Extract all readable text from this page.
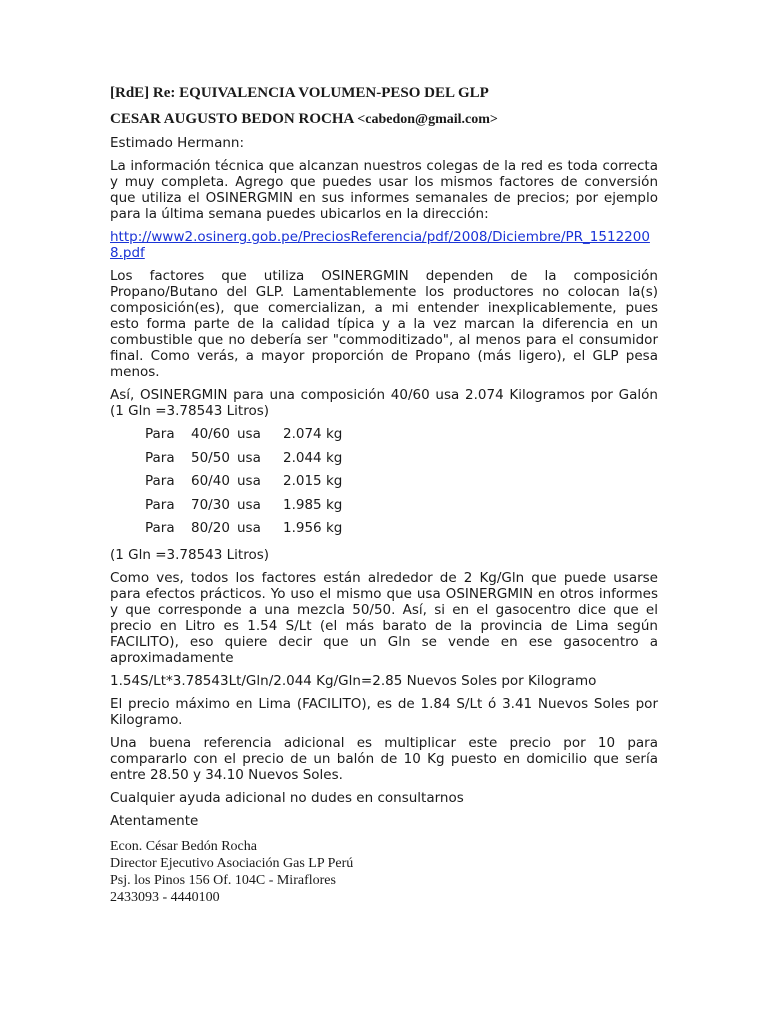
[RdE] Re: EQUIVALENCIA VOLUMEN-PESO DEL GLP
CESAR AUGUSTO BEDON ROCHA <cabedon@gmail.com>
Estimado Hermann:
La información técnica que alcanzan nuestros colegas de la red es toda correcta y muy completa. Agrego que puedes usar los mismos factores de conversión que utiliza el OSINERGMIN en sus informes semanales de precios; por ejemplo para la última semana puedes ubicarlos en la dirección:
http://www2.osinerg.gob.pe/PreciosReferencia/pdf/2008/Diciembre/PR_15122008.pdf
Los factores que utiliza OSINERGMIN dependen de la composición Propano/Butano del GLP. Lamentablemente los productores no colocan la(s) composición(es), que comercializan, a mi entender inexplicablemente, pues esto forma parte de la calidad típica y a la vez marcan la diferencia en un combustible que no debería ser "commoditizado", al menos para el consumidor final. Como verás, a mayor proporción de Propano (más ligero), el GLP pesa menos.
Así, OSINERGMIN para una composición 40/60 usa 2.074 Kilogramos por Galón (1 Gln =3.78543 Litros)
Para	40/60	usa	2.074 kg
Para	50/50	usa	2.044 kg
Para	60/40	usa	2.015 kg
Para	70/30	usa	1.985 kg
Para	80/20	usa	1.956 kg
(1 Gln =3.78543 Litros)
Como ves, todos los factores están alrededor de 2 Kg/Gln que puede usarse para efectos prácticos. Yo uso el mismo que usa OSINERGMIN en otros informes y que corresponde a una mezcla 50/50. Así, si en el gasocentro dice que el precio en Litro es 1.54 S/Lt (el más barato de la provincia de Lima según FACILITO), eso quiere decir que un Gln se vende en ese gasocentro a aproximadamente
1.54S/Lt*3.78543Lt/Gln/2.044 Kg/Gln=2.85 Nuevos Soles por Kilogramo
El precio máximo en Lima (FACILITO), es de 1.84 S/Lt ó 3.41 Nuevos Soles por Kilogramo.
Una buena referencia adicional es multiplicar este precio por 10 para compararlo con el precio de un balón de 10 Kg puesto en domicilio que sería entre 28.50 y 34.10 Nuevos Soles.
Cualquier ayuda adicional no dudes en consultarnos
Atentamente
Econ. César Bedón Rocha
Director Ejecutivo Asociación Gas LP Perú
Psj. los Pinos 156 Of. 104C - Miraflores
2433093 - 4440100
